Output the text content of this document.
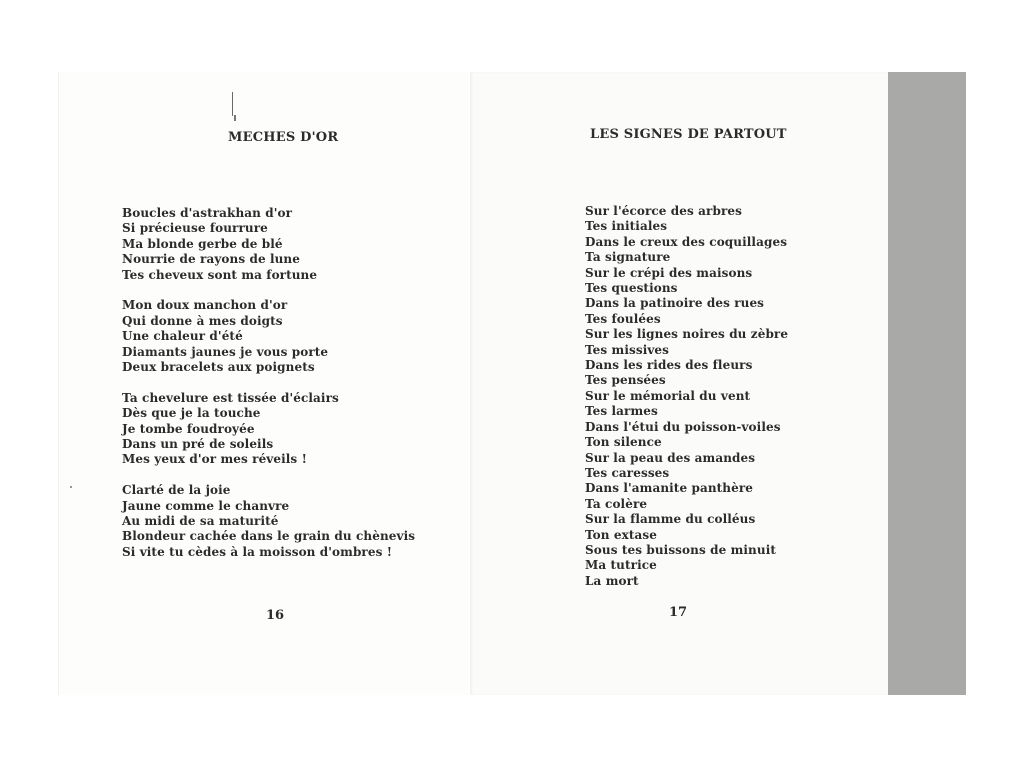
MECHES D'OR
Boucles d'astrakhan d'or
Si précieuse fourrure
Ma blonde gerbe de blé
Nourrie de rayons de lune
Tes cheveux sont ma fortune
Mon doux manchon d'or
Qui donne à mes doigts
Une chaleur d'été
Diamants jaunes je vous porte
Deux bracelets aux poignets
Ta chevelure est tissée d'éclairs
Dès que je la touche
Je tombe foudroyée
Dans un pré de soleils
Mes yeux d'or mes réveils !
Clarté de la joie
Jaune comme le chanvre
Au midi de sa maturité
Blondeur cachée dans le grain du chènevis
Si vite tu cèdes à la moisson d'ombres !
16
LES SIGNES DE PARTOUT
Sur l'écorce des arbres
Tes initiales
Dans le creux des coquillages
Ta signature
Sur le crépi des maisons
Tes questions
Dans la patinoire des rues
Tes foulées
Sur les lignes noires du zèbre
Tes missives
Dans les rides des fleurs
Tes pensées
Sur le mémorial du vent
Tes larmes
Dans l'étui du poisson-voiles
Ton silence
Sur la peau des amandes
Tes caresses
Dans l'amanite panthère
Ta colère
Sur la flamme du colléus
Ton extase
Sous tes buissons de minuit
Ma tutrice
La mort
17
